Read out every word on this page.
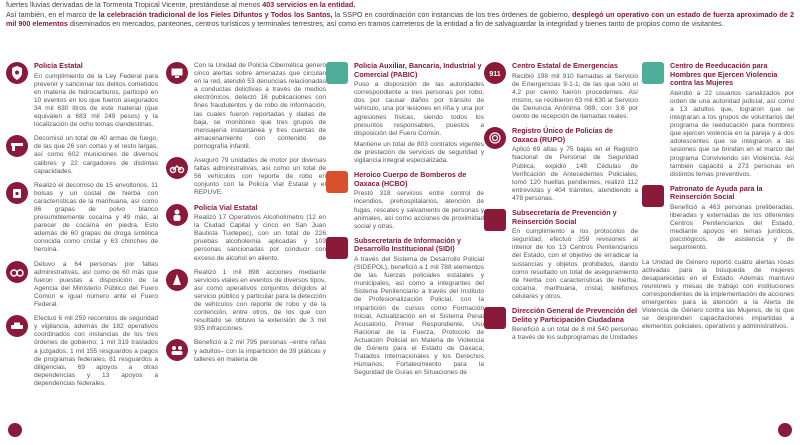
fuertes lluvias derivadas de la Tormenta Tropical Vicente, prestándose al menos 403 servicios en la entidad.

Así también, en el marco de la celebración tradicional de los Fieles Difuntos y Todos los Santos, la SSPO en coordinación con instancias de los tres órdenes de gobierno, desplegó un operativo con un estado de fuerza aproximado de 2 mil 900 elementos diseminados en mercados, panteones, centros turísticos y terminales terrestres, así como en tramos carreteros de la entidad a fin de salvaguardar la integridad y bienes tanto de propios como de visitantes.

Policía Estatal

En cumplimiento de la Ley Federal para prevenir y sancionar los delitos cometidos en materia de hidrocarburos, participó en 10 eventos en los que fueron asegurados 34 mil 630 litros de este material (que equivalen a 683 mil 249 pesos) y la localización de ocho tomas clandestinas.

Decomisó un total de 40 armas de fuego, de las que 26 son cortas y el resto largas, así como 602 municiones de diversos calibres y 22 cargadores de distintas capacidades.

Realizó el decomiso de 15 envoltorios, 11 bolsas y un costal de hierba con características de la marihuana, así como 86 grapas de polvo blanco presumiblemente cocaína y 49 más, al parecer de cocaína en piedra. Esto además de 60 grapas de droga sintética conocida como cristal y 63 chinches de heroína.

Detuvo a 64 personas por faltas administrativas, así como de 60 más que fueron puestas a disposición de la Agencia del Ministerio Público del Fuero Común e igual número ante el Fuero Federal.

Efectuó 6 mil 259 recorridos de seguridad y vigilancia, además de 182 operativos coordinados con instancias de los tres órdenes de gobierno; 1 mil 319 traslados a juzgados, 1 mil 155 resguardos a pagos de programas federales, 81 resguardos a diligencias, 69 apoyos a otras dependencias y 13 apoyos a dependencias federales.

Con la Unidad de Policía Cibernética generó cinco alertas sobre amenazas que circulan en la red, atendió 53 denuncias relacionadas a conductas delictivas a través de medios electrónicos, detectó 16 publicaciones con fines fraudulentos y de robo de información, las cuales fueron reportadas y dadas de baja, se monitoreo que tres grupos de mensajería instantánea y tres cuentas de almacenamiento con contenido de pornografía infantil.

Aseguró 79 unidades de motor por diversas faltas administrativas, así como un total de 56 vehículos con reporte de robo en conjunto con la Policía Vial Estatal y el REPUVE.

Policía Vial Estatal

Realizó 17 Operativos Alcoholímetro (12 en la Ciudad Capital y cinco en San Juan Bautista Tuxtepec), con un total de 226 pruebas alcoholemia aplicadas y 103 personas sancionadas por conducir con exceso de alcohol en aliento.

Realizó 1 mil 898 acciones mediante servicios viales en eventos de diversos tipos, así como operativos conjuntos dirigidos al servicio público y particular para la detección de vehículos con reporte de robo y de la contención, entre otros, de los que con resultado se obtuvo la extensión de 3 mil 935 infracciones.

Benefició a 2 mil 795 personas –entre niñas y adultos– con la impartición de 39 pláticas y talleres en materia de

Policía Auxiliar, Bancaria, Industrial y Comercial (PABIC)

Puso a disposición de las autoridades correspondiente a tres personas por robo, dos por causar daños por tránsito de vehículo, una por lesiones en riña y una por agresiones físicas, siendo todos los presuntos responsables, puestos a disposición del Fuero Común.

Mantiene un total de 803 contratos vigentes de prestación de servicios de seguridad y vigilancia integral especializada.

Heroico Cuerpo de Bomberos de Oaxaca (HCBO)

Prestó 318 servicios entre control de incendios, prehospitalarios, atención de fugas, rescates y salvamento de personas y animales, así como acciones de proximidad social y otras.

Subsecretaría de Información y Desarrollo Institucional (SIDI)

A través del Sistema de Desarrollo Policial (SIDEPOL), benefició a 1 mil 788 elementos de las fuerzas policiales estatales y municipales, así como a integrantes del Sistema Penitenciario a través del Instituto de Profesionalización Policial, con la impartición de cursos como Formación Inicial, Actualización en el Sistema Penal Acusatorio, Primer Respondiente, Uso Racional de la Fuerza, Protocolo de Actuación Policial en Materia de Violencia de Género para el Estado de Oaxaca, Tratados Internacionales y los Derechos Humanos; Fortalecimiento para la Seguridad de Guías en Situaciones de

911
Centro Estatal de Emergencias

Recibió 198 mil 910 llamadas al Servicio de Emergencias 9-1-1, de las que sólo el 4.2 por ciento fueron procedentes. Así mismo, se recibieron 63 mil 630 al Servicio de Denuncia Anónima 089, con 3.6 por ciento de recepción de llamadas reales.

Registro Único de Policías de Oaxaca (RUPO)

Aplicó 69 altas y 75 bajas en el Registro Nacional de Personal de Seguridad Pública, expidió 148 Cédulas de Verificación de Antecedentes Policiales, tomó 120 huellas pendientes, realizó 112 entrevistas y 404 trámites, atendiendo a 478 personas.

Subsecretaría de Prevención y Reinserción Social

En cumplimiento a los protocolos de seguridad, efectuó 259 revisiones al interior de los 13 Centros Penitenciarios del Estado, con el objetivo de erradicar la sustancias y objetos prohibidos, dando como resultado un total de aseguramiento de hierba con características de hierba, cocaína, marihuana, cristal, teléfonos celulares y otros.

Dirección General de Prevención del Delito y Participación Ciudadana

Benefició a un total de 8 mil 540 personas a través de los subprogramas de Unidades

Centro de Reeducación para Hombres que Ejercen Violencia contra las Mujeres

Atendió a 22 usuarios canalizados por orden de una autoridad judicial, así como a 13 adultos que, lograron que se integraran a los grupos de voluntarios del programa de reeducación para hombres que ejercen violencia en la pareja y a dos adolescentes que se integraron a las sesiones que se brindan en el marco del programa Conviviendo sin Violencia. Así también capacitó a 273 personas en distintos temas preventivos.

Patronato de Ayuda para la Reinserción Social

Benefició a 463 personas preliberadas, liberadas y externadas de los diferentes Centros Penitenciarios del Estado, mediante apoyos en temas jurídicos, psicológicos, de asistencia y de seguimiento.

La Unidad de Género reportó cuatro alertas rosas activadas para la búsqueda de mujeres desaparecidas en el Estado. Además mantuvo reuniones y mesas de trabajo con instituciones correspondientes de la implementación de acciones emergentes para la atención a la Alerta de Violencia de Género contra las Mujeres, de lo que se desprenden capacitaciones impartidas a elementos policiales, operativos y administrativos.
